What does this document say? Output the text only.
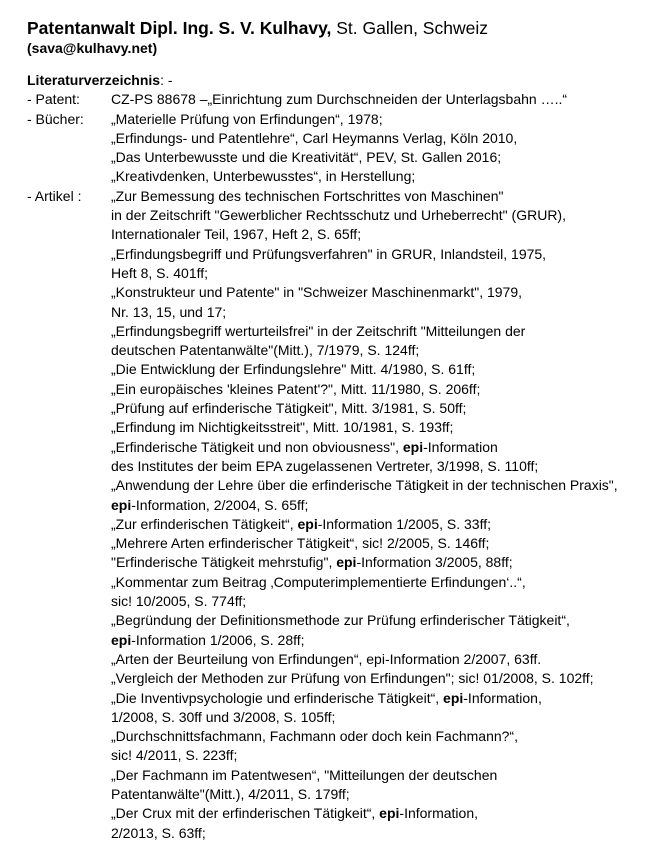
Patentanwalt Dipl. Ing. S. V. Kulhavy, St. Gallen, Schweiz
(sava@kulhavy.net)
Literaturverzeichnis: -
- Patent: CZ-PS 88678 –„Einrichtung zum Durchschneiden der Unterlagsbahn …..“
- Bücher: „Materielle Prüfung von Erfindungen“, 1978;
„Erfindungs- und Patentlehre“, Carl Heymanns Verlag, Köln 2010,
„Das Unterbewusste und die Kreativität“, PEV, St. Gallen 2016;
„Kreativdenken, Unterbewusstes“, in Herstellung;
- Artikel : „Zur Bemessung des technischen Fortschrittes von Maschinen"
in der Zeitschrift "Gewerblicher Rechtsschutz und Urheberrecht" (GRUR),
Internationaler Teil, 1967, Heft 2, S. 65ff;
„Erfindungsbegriff und Prüfungsverfahren" in GRUR, Inlandsteil, 1975,
Heft 8, S. 401ff;
„Konstrukteur und Patente" in "Schweizer Maschinenmarkt", 1979,
Nr. 13, 15, und 17;
„Erfindungsbegriff werturteilsfrei" in der Zeitschrift "Mitteilungen der
deutschen Patentanwälte"(Mitt.), 7/1979, S. 124ff;
„Die Entwicklung der Erfindungslehre" Mitt. 4/1980, S. 61ff;
„Ein europäisches 'kleines Patent'?", Mitt. 11/1980, S. 206ff;
„Prüfung auf erfinderische Tätigkeit", Mitt. 3/1981, S. 50ff;
„Erfindung im Nichtigkeitsstreit", Mitt. 10/1981, S. 193ff;
„Erfinderische Tätigkeit und non obviousness", epi-Information
des Institutes der beim EPA zugelassenen Vertreter, 3/1998, S. 110ff;
„Anwendung der Lehre über die erfinderische Tätigkeit in der technischen Praxis",
epi-Information, 2/2004, S. 65ff;
„Zur erfinderischen Tätigkeit“, epi-Information 1/2005, S. 33ff;
„Mehrere Arten erfinderischer Tätigkeit“, sic! 2/2005, S. 146ff;
"Erfinderische Tätigkeit mehrstufig", epi-Information 3/2005, 88ff;
„Kommentar zum Beitrag ‚Computerimplementierte Erfindungen‘..“,
sic! 10/2005, S. 774ff;
„Begründung der Definitionsmethode zur Prüfung erfinderischer Tätigkeit“,
epi-Information 1/2006, S. 28ff;
„Arten der Beurteilung von Erfindungen“, epi-Information 2/2007, 63ff.
„Vergleich der Methoden zur Prüfung von Erfindungen"; sic! 01/2008, S. 102ff;
„Die Inventivpsychologie und erfinderische Tätigkeit“, epi-Information,
1/2008, S. 30ff und 3/2008, S. 105ff;
„Durchschnittsfachmann, Fachmann oder doch kein Fachmann?“,
sic! 4/2011, S. 223ff;
„Der Fachmann im Patentwesen“, "Mitteilungen der deutschen
Patentanwälte"(Mitt.), 4/2011, S. 179ff;
„Der Crux mit der erfinderischen Tätigkeit“, epi-Information,
2/2013, S. 63ff;
